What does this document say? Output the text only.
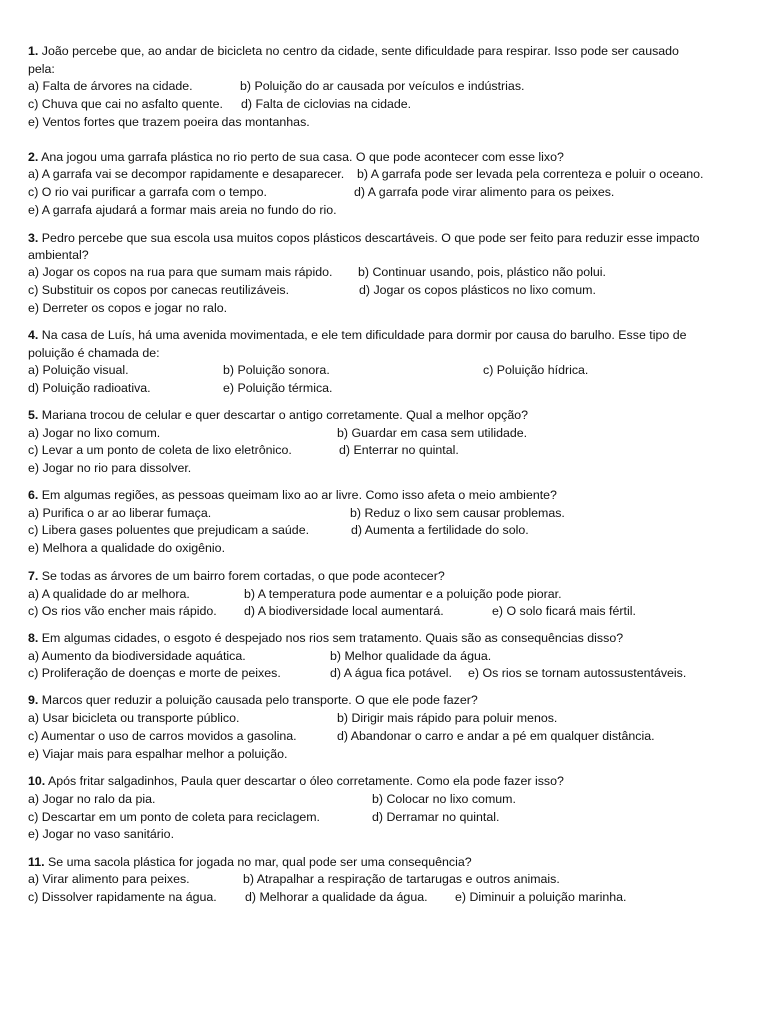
1. João percebe que, ao andar de bicicleta no centro da cidade, sente dificuldade para respirar. Isso pode ser causado
pela:
a) Falta de árvores na cidade.	b) Poluição do ar causada por veículos e indústrias.
c) Chuva que cai no asfalto quente. d) Falta de ciclovias na cidade.
e) Ventos fortes que trazem poeira das montanhas.
2. Ana jogou uma garrafa plástica no rio perto de sua casa. O que pode acontecer com esse lixo?
a) A garrafa vai se decompor rapidamente e desaparecer. b) A garrafa pode ser levada pela correnteza e poluir o oceano.
c) O rio vai purificar a garrafa com o tempo.	d) A garrafa pode virar alimento para os peixes.
e) A garrafa ajudará a formar mais areia no fundo do rio.
3. Pedro percebe que sua escola usa muitos copos plásticos descartáveis. O que pode ser feito para reduzir esse impacto
ambiental?
a) Jogar os copos na rua para que sumam mais rápido. b) Continuar usando, pois, plástico não polui.
c) Substituir os copos por canecas reutilizáveis.	d) Jogar os copos plásticos no lixo comum.
e) Derreter os copos e jogar no ralo.
4. Na casa de Luís, há uma avenida movimentada, e ele tem dificuldade para dormir por causa do barulho. Esse tipo de
poluição é chamada de:
a) Poluição visual.	b) Poluição sonora.	c) Poluição hídrica.
d) Poluição radioativa.	e) Poluição térmica.
5. Mariana trocou de celular e quer descartar o antigo corretamente. Qual a melhor opção?
a) Jogar no lixo comum.	b) Guardar em casa sem utilidade.
c) Levar a um ponto de coleta de lixo eletrônico.	d) Enterrar no quintal.
e) Jogar no rio para dissolver.
6. Em algumas regiões, as pessoas queimam lixo ao ar livre. Como isso afeta o meio ambiente?
a) Purifica o ar ao liberar fumaça.	b) Reduz o lixo sem causar problemas.
c) Libera gases poluentes que prejudicam a saúde.	d) Aumenta a fertilidade do solo.
e) Melhora a qualidade do oxigênio.
7. Se todas as árvores de um bairro forem cortadas, o que pode acontecer?
a) A qualidade do ar melhora.	b) A temperatura pode aumentar e a poluição pode piorar.
c) Os rios vão encher mais rápido. d) A biodiversidade local aumentará.	e) O solo ficará mais fértil.
8. Em algumas cidades, o esgoto é despejado nos rios sem tratamento. Quais são as consequências disso?
a) Aumento da biodiversidade aquática.	b) Melhor qualidade da água.
c) Proliferação de doenças e morte de peixes.	d) A água fica potável. e) Os rios se tornam autossustentáveis.
9. Marcos quer reduzir a poluição causada pelo transporte. O que ele pode fazer?
a) Usar bicicleta ou transporte público.	b) Dirigir mais rápido para poluir menos.
c) Aumentar o uso de carros movidos a gasolina.	d) Abandonar o carro e andar a pé em qualquer distância.
e) Viajar mais para espalhar melhor a poluição.
10. Após fritar salgadinhos, Paula quer descartar o óleo corretamente. Como ela pode fazer isso?
a) Jogar no ralo da pia.	b) Colocar no lixo comum.
c) Descartar em um ponto de coleta para reciclagem.	d) Derramar no quintal.
e) Jogar no vaso sanitário.
11. Se uma sacola plástica for jogada no mar, qual pode ser uma consequência?
a) Virar alimento para peixes.	b) Atrapalhar a respiração de tartarugas e outros animais.
c) Dissolver rapidamente na água. d) Melhorar a qualidade da água. e) Diminuir a poluição marinha.
